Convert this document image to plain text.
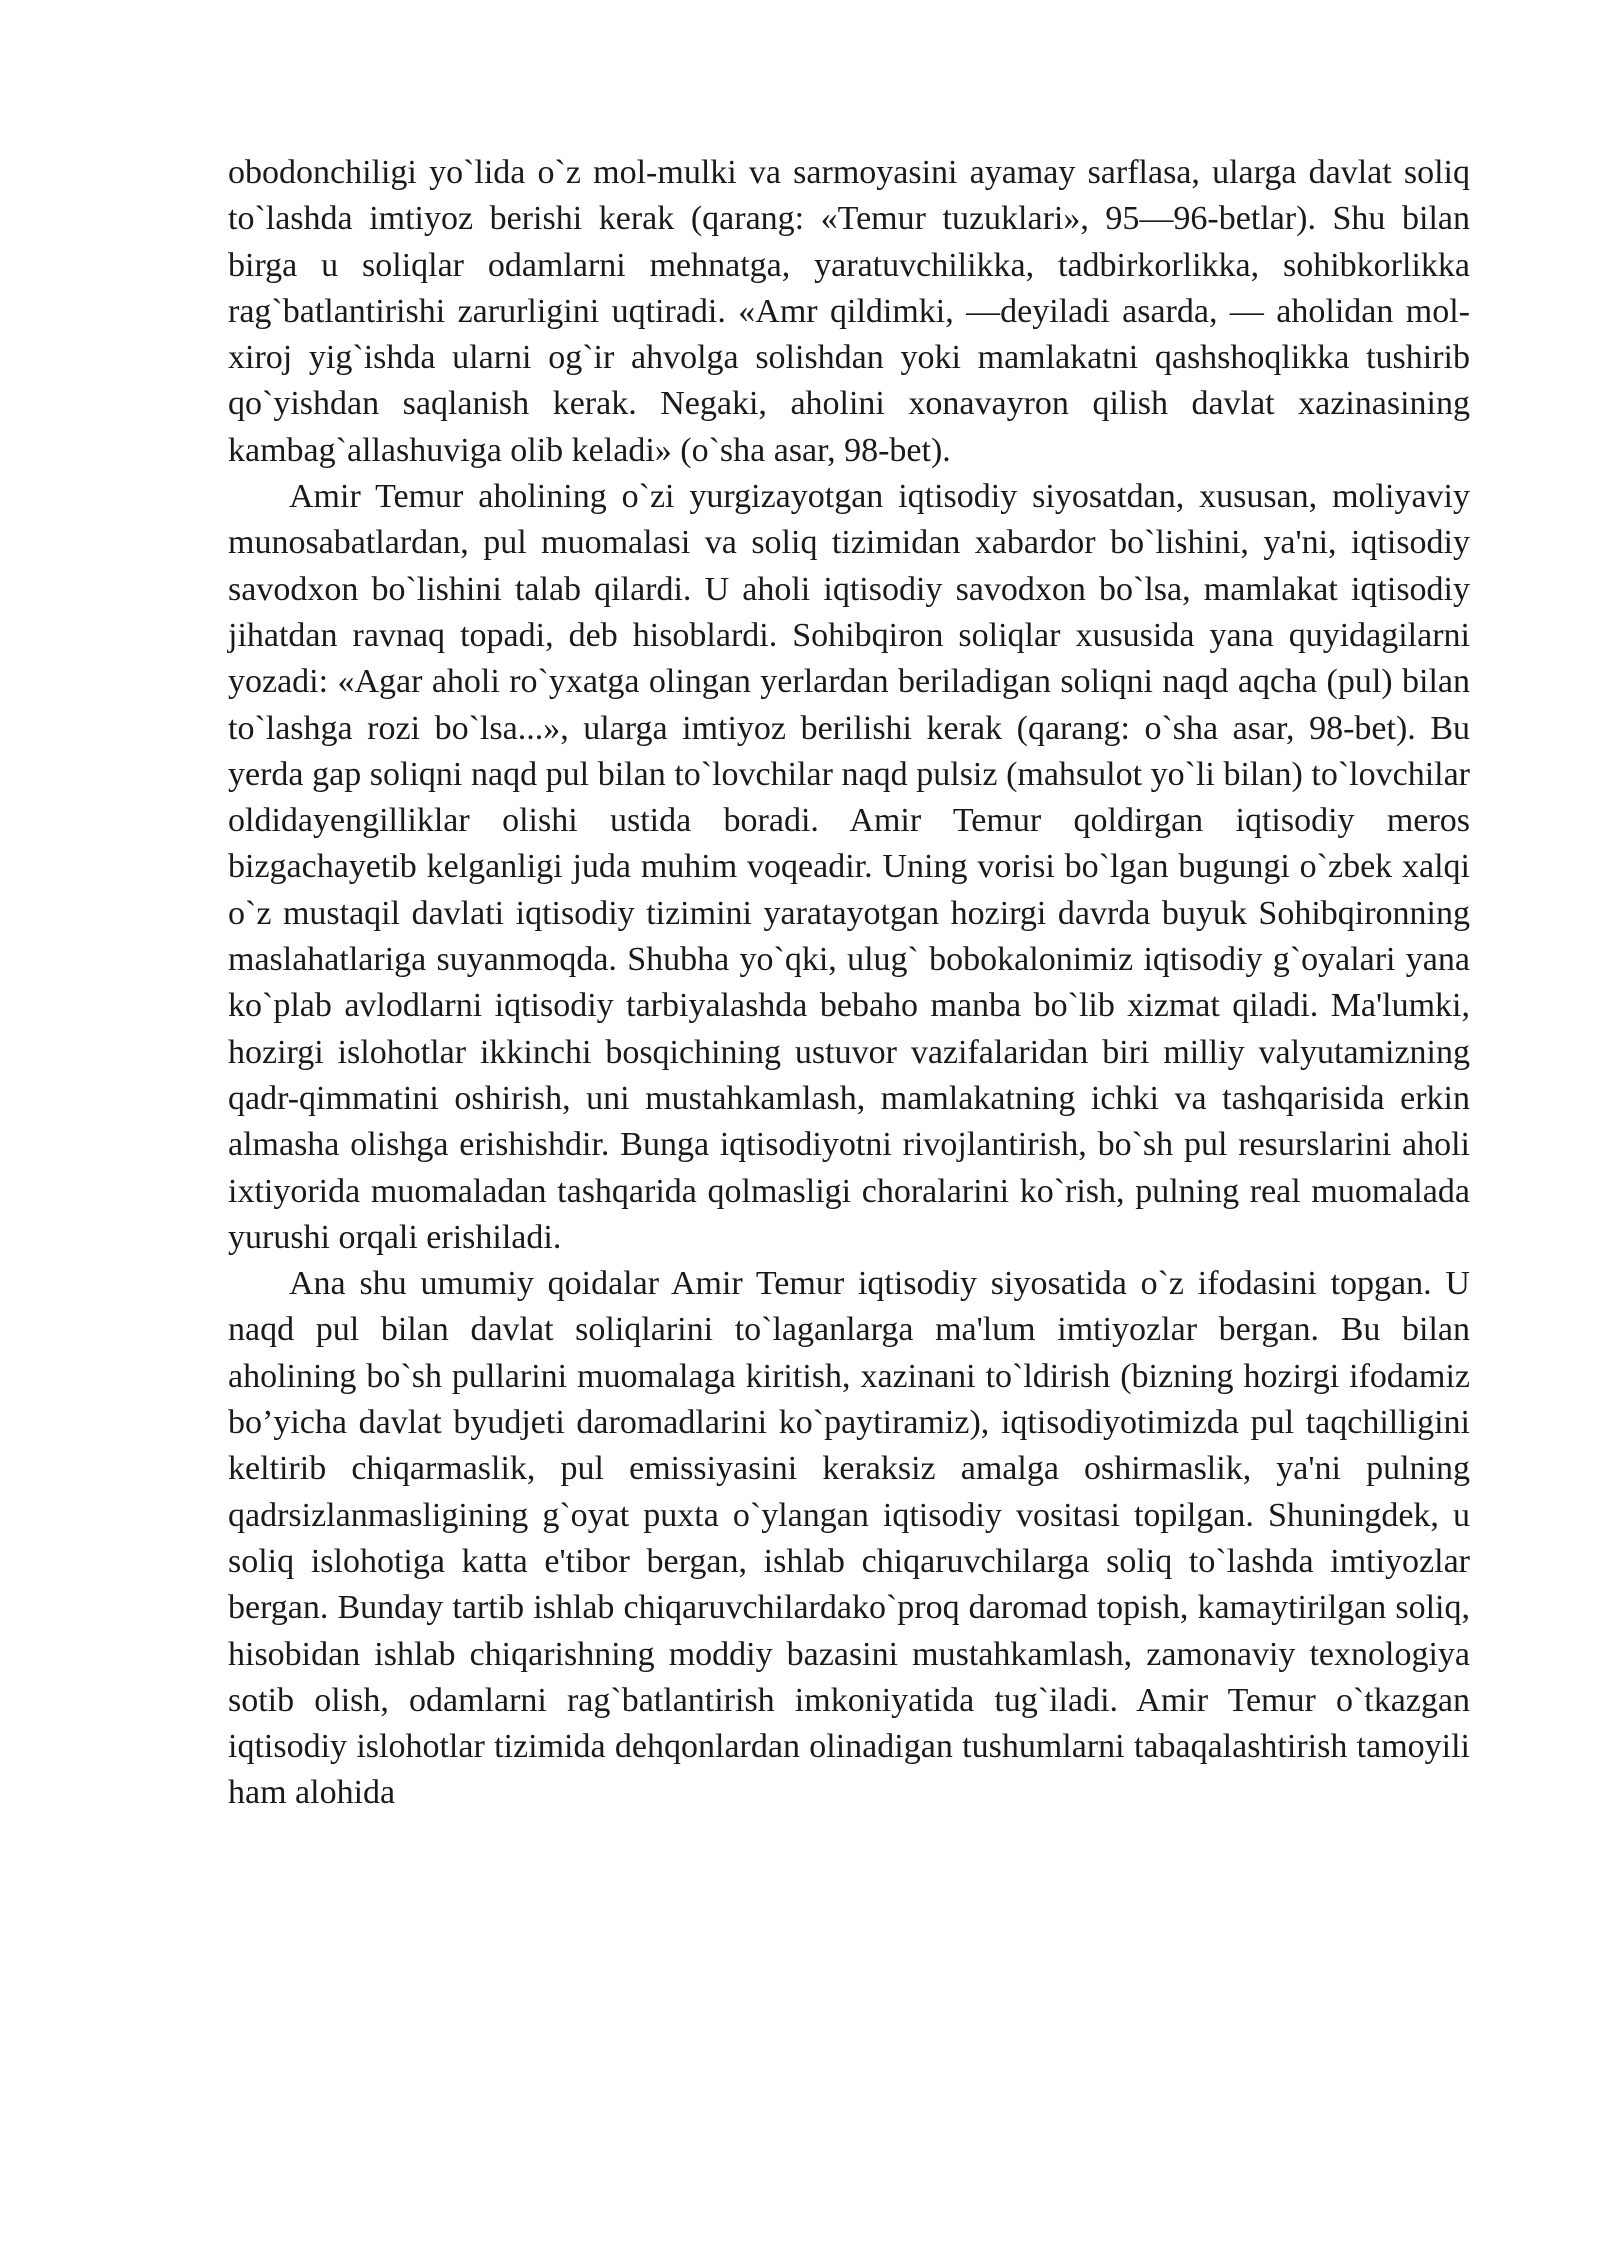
obodonchiligi yo`lida o`z mol-mulki va sarmoyasini ayamay sarflasa, ularga davlat soliq to`lashda imtiyoz berishi kerak (qarang: «Temur tuzuklari», 95—96-betlar). Shu bilan birga u soliqlar odamlarni mehnatga, yaratuvchilikka, tadbirkorlikka, sohibkorlikka rag`batlantirishi zarurligini uqtiradi. «Amr qildimki, —deyiladi asarda, — aholidan mol-xiroj yig`ishda ularni og`ir ahvolga solishdan yoki mamlakatni qashshoqlikka tushirib qo`yishdan saqlanish kerak. Negaki, aholini xonavayron qilish davlat xazinasining kambag`allashuviga olib keladi» (o`sha asar, 98-bet).

Amir Temur aholining o`zi yurgizayotgan iqtisodiy siyosatdan, xususan, moliyaviy munosabatlardan, pul muomalasi va soliq tizimidan xabardor bo`lishini, ya'ni, iqtisodiy savodxon bo`lishini talab qilardi. U aholi iqtisodiy savodxon bo`lsa, mamlakat iqtisodiy jihatdan ravnaq topadi, deb hisoblardi. Sohibqiron soliqlar xususida yana quyidagilarni yozadi: «Agar aholi ro`yxatga olingan yerlardan beriladigan soliqni naqd aqcha (pul) bilan to`lashga rozi bo`lsa...», ularga imtiyoz berilishi kerak (qarang: o`sha asar, 98-bet). Bu yerda gap soliqni naqd pul bilan to`lovchilar naqd pulsiz (mahsulot yo`li bilan) to`lovchilar oldidayengilliklar olishi ustida boradi. Amir Temur qoldirgan iqtisodiy meros bizgachayetib kelganligi juda muhim voqeadir. Uning vorisi bo`lgan bugungi o`zbek xalqi o`z mustaqil davlati iqtisodiy tizimini yaratayotgan hozirgi davrda buyuk Sohibqironning maslahatlariga suyanmoqda. Shubha yo`qki, ulug` bobokalonimiz iqtisodiy g`oyalari yana ko`plab avlodlarni iqtisodiy tarbiyalashda bebaho manba bo`lib xizmat qiladi. Ma'lumki, hozirgi islohotlar ikkinchi bosqichining ustuvor vazifalaridan biri milliy valyutamizning qadr-qimmatini oshirish, uni mustahkamlash, mamlakatning ichki va tashqarisida erkin almasha olishga erishishdir. Bunga iqtisodiyotni rivojlantirish, bo`sh pul resurslarini aholi ixtiyorida muomaladan tashqarida qolmasligi choralarini ko`rish, pulning real muomalada yurushi orqali erishiladi.

Ana shu umumiy qoidalar Amir Temur iqtisodiy siyosatida o`z ifodasini topgan. U naqd pul bilan davlat soliqlarini to`laganlarga ma'lum imtiyozlar bergan. Bu bilan aholining bo`sh pullarini muomalaga kiritish, xazinani to`ldirish (bizning hozirgi ifodamiz bo’yicha davlat byudjeti daromadlarini ko`paytiramiz), iqtisodiyotimizda pul taqchilligini keltirib chiqarmaslik, pul emissiyasini keraksiz amalga oshirmaslik, ya'ni pulning qadrsizlanmasligining g`oyat puxta o`ylangan iqtisodiy vositasi topilgan. Shuningdek, u soliq islohotiga katta e'tibor bergan, ishlab chiqaruvchilarga soliq to`lashda imtiyozlar bergan. Bunday tartib ishlab chiqaruvchilardako`proq daromad topish, kamaytirilgan soliq, hisobidan ishlab chiqarishning moddiy bazasini mustahkamlash, zamonaviy texnologiya sotib olish, odamlarni rag`batlantirish imkoniyatida tug`iladi. Amir Temur o`tkazgan iqtisodiy islohotlar tizimida dehqonlardan olinadigan tushumlarni tabaqalashtirish tamoyili ham alohida
